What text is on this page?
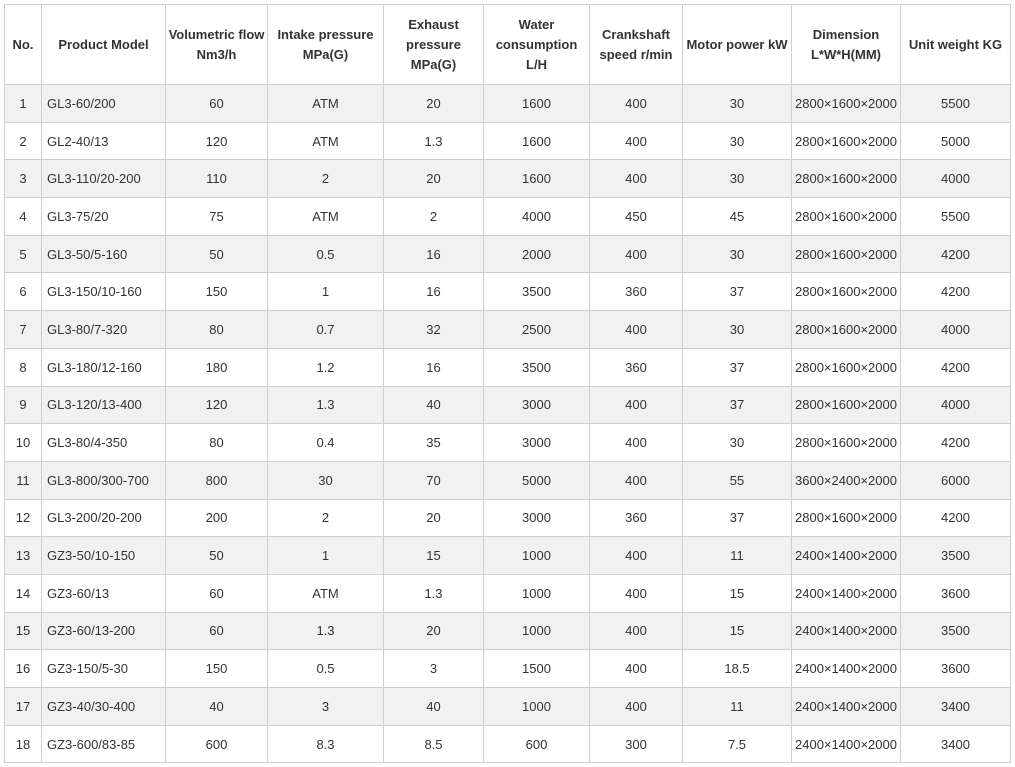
No.	Product Model	Volumetric flow Nm3/h	Intake pressure MPa(G)	Exhaust pressure MPa(G)	Water consumption L/H	Crankshaft speed r/min	Motor power kW	Dimension L*W*H(MM)	Unit weight KG
1	GL3-60/200	60	ATM	20	1600	400	30	2800×1600×2000	5500
2	GL2-40/13	120	ATM	1.3	1600	400	30	2800×1600×2000	5000
3	GL3-110/20-200	110	2	20	1600	400	30	2800×1600×2000	4000
4	GL3-75/20	75	ATM	2	4000	450	45	2800×1600×2000	5500
5	GL3-50/5-160	50	0.5	16	2000	400	30	2800×1600×2000	4200
6	GL3-150/10-160	150	1	16	3500	360	37	2800×1600×2000	4200
7	GL3-80/7-320	80	0.7	32	2500	400	30	2800×1600×2000	4000
8	GL3-180/12-160	180	1.2	16	3500	360	37	2800×1600×2000	4200
9	GL3-120/13-400	120	1.3	40	3000	400	37	2800×1600×2000	4000
10	GL3-80/4-350	80	0.4	35	3000	400	30	2800×1600×2000	4200
11	GL3-800/300-700	800	30	70	5000	400	55	3600×2400×2000	6000
12	GL3-200/20-200	200	2	20	3000	360	37	2800×1600×2000	4200
13	GZ3-50/10-150	50	1	15	1000	400	11	2400×1400×2000	3500
14	GZ3-60/13	60	ATM	1.3	1000	400	15	2400×1400×2000	3600
15	GZ3-60/13-200	60	1.3	20	1000	400	15	2400×1400×2000	3500
16	GZ3-150/5-30	150	0.5	3	1500	400	18.5	2400×1400×2000	3600
17	GZ3-40/30-400	40	3	40	1000	400	11	2400×1400×2000	3400
18	GZ3-600/83-85	600	8.3	8.5	600	300	7.5	2400×1400×2000	3400
